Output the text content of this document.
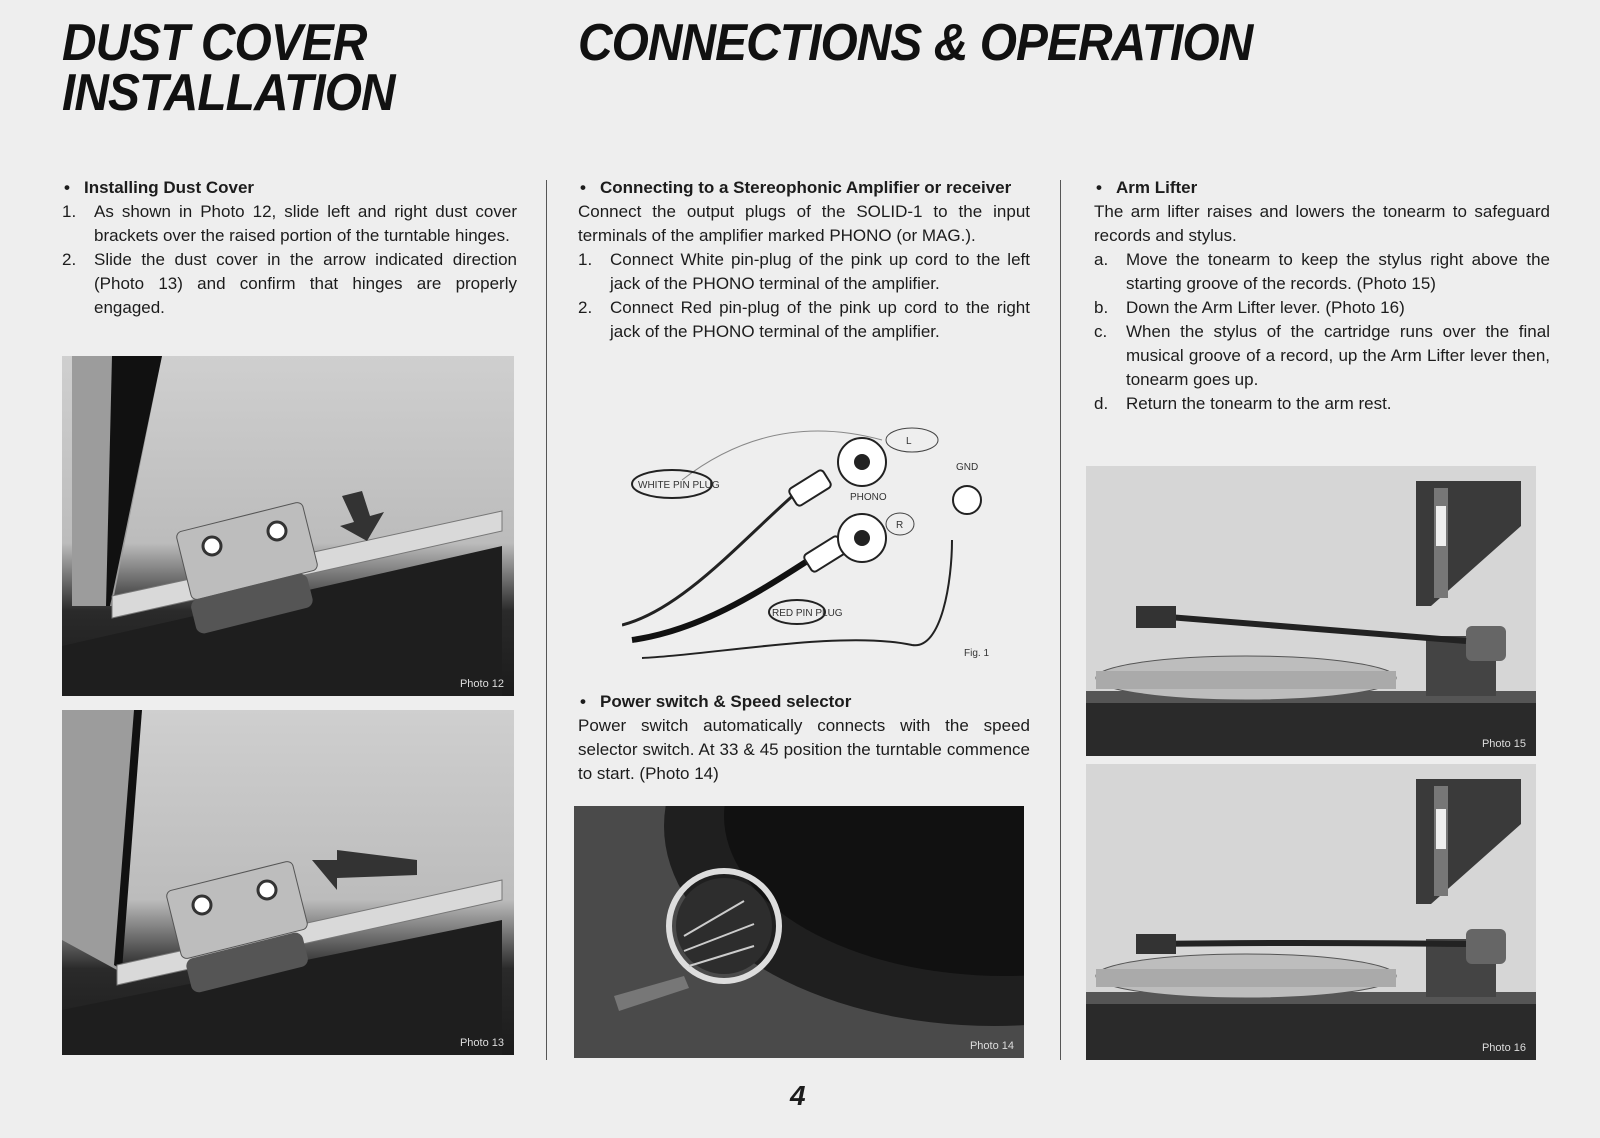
DUST COVER
INSTALLATION
CONNECTIONS & OPERATION

• Installing Dust Cover

1.	As shown in Photo 12, slide left and right dust cover brackets over the raised portion of the turntable hinges.
2.	Slide the dust cover in the arrow indicated direction (Photo 13) and confirm that hinges are properly engaged.
Photo 12
Photo 13

• Connecting to a Stereophonic Amplifier or receiver

Connect the output plugs of the SOLID-1 to the input terminals of the amplifier marked PHONO (or MAG.).

1.	Connect White pin-plug of the pink up cord to the left jack of the PHONO terminal of the amplifier.
2.	Connect Red pin-plug of the pink up cord to the right jack of the PHONO terminal of the amplifier.
WHITE PIN PLUG
RED PIN PLUG
PHONO
GND
L
R
Fig. 1

• Power switch & Speed selector

Power switch automatically connects with the speed selector switch. At 33 & 45 position the turntable commence to start. (Photo 14)

Photo 14

• Arm Lifter

The arm lifter raises and lowers the tonearm to safeguard records and stylus.

a.	Move the tonearm to keep the stylus right above the starting groove of the records. (Photo 15)
b.	Down the Arm Lifter lever. (Photo 16)
c.	When the stylus of the cartridge runs over the final musical groove of a record, up the Arm Lifter lever then, tonearm goes up.
d.	Return the tonearm to the arm rest.
Photo 15
Photo 16
4
